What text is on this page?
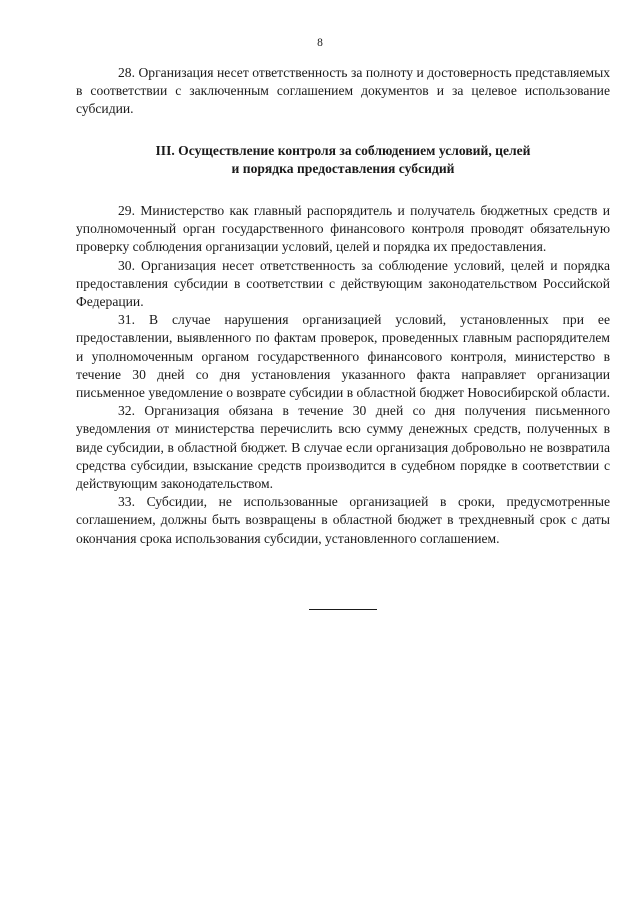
8

28. Организация несет ответственность за полноту и достоверность представляемых в соответствии с заключенным соглашением документов и за целевое использование субсидии.

III. Осуществление контроля за соблюдением условий, целей
и порядка предоставления субсидий

29. Министерство как главный распорядитель и получатель бюджетных средств и уполномоченный орган государственного финансового контроля проводят обязательную проверку соблюдения организации условий, целей и порядка их предоставления.

30. Организация несет ответственность за соблюдение условий, целей и порядка предоставления субсидии в соответствии с действующим законодательством Российской Федерации.

31. В случае нарушения организацией условий, установленных при ее предоставлении, выявленного по фактам проверок, проведенных главным распорядителем и уполномоченным органом государственного финансового контроля, министерство в течение 30 дней со дня установления указанного факта направляет организации письменное уведомление о возврате субсидии в областной бюджет Новосибирской области.

32. Организация обязана в течение 30 дней со дня получения письменного уведомления от министерства перечислить всю сумму денежных средств, полученных в виде субсидии, в областной бюджет. В случае если организация добровольно не возвратила средства субсидии, взыскание средств производится в судебном порядке в соответствии с действующим законодательством.

33. Субсидии, не использованные организацией в сроки, предусмотренные соглашением, должны быть возвращены в областной бюджет в трехдневный срок с даты окончания срока использования субсидии, установленного соглашением.
